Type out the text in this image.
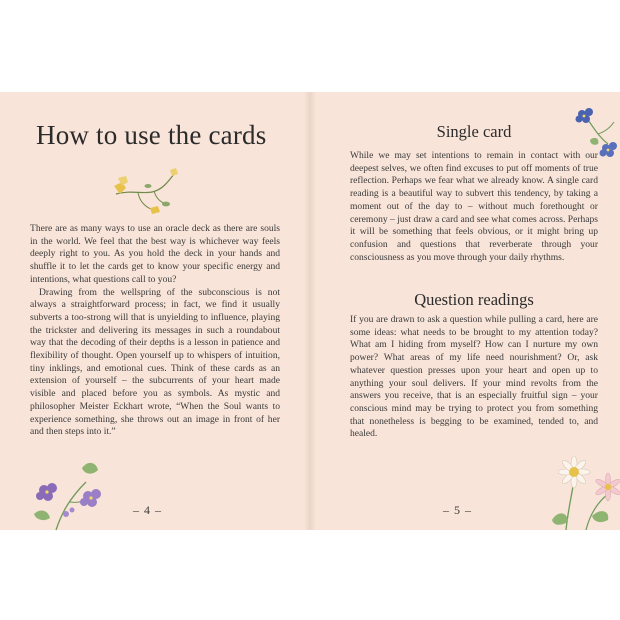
How to use the cards

There are as many ways to use an oracle deck as there are souls in the world. We feel that the best way is whichever way feels deeply right to you. As you hold the deck in your hands and shuffle it to let the cards get to know your specific energy and intentions, what questions call to you?

Drawing from the wellspring of the subconscious is not always a straightforward process; in fact, we find it usually subverts a too-strong will that is unyielding to influence, playing the trickster and delivering its messages in such a roundabout way that the decoding of their depths is a lesson in patience and flexibility of thought. Open yourself up to whispers of intuition, tiny inklings, and emotional cues. Think of these cards as an extension of yourself – the subcurrents of your heart made visible and placed before you as symbols. As mystic and philosopher Meister Eckhart wrote, “When the Soul wants to experience something, she throws out an image in front of her and then steps into it.”

– 4 –
Single card

While we may set intentions to remain in contact with our deepest selves, we often find excuses to put off moments of true reflection. Perhaps we fear what we already know. A single card reading is a beautiful way to subvert this tendency, by taking a moment out of the day to – without much forethought or ceremony – just draw a card and see what comes across. Perhaps it will be something that feels obvious, or it might bring up confusion and questions that reverberate through your consciousness as you move through your daily rhythms.

Question readings

If you are drawn to ask a question while pulling a card, here are some ideas: what needs to be brought to my attention today? What am I hiding from myself? How can I nurture my own power? What areas of my life need nourishment? Or, ask whatever question presses upon your heart and open up to anything your soul delivers. If your mind revolts from the answers you receive, that is an especially fruitful sign – your conscious mind may be trying to protect you from something that nonetheless is begging to be examined, tended to, and healed.

– 5 –
